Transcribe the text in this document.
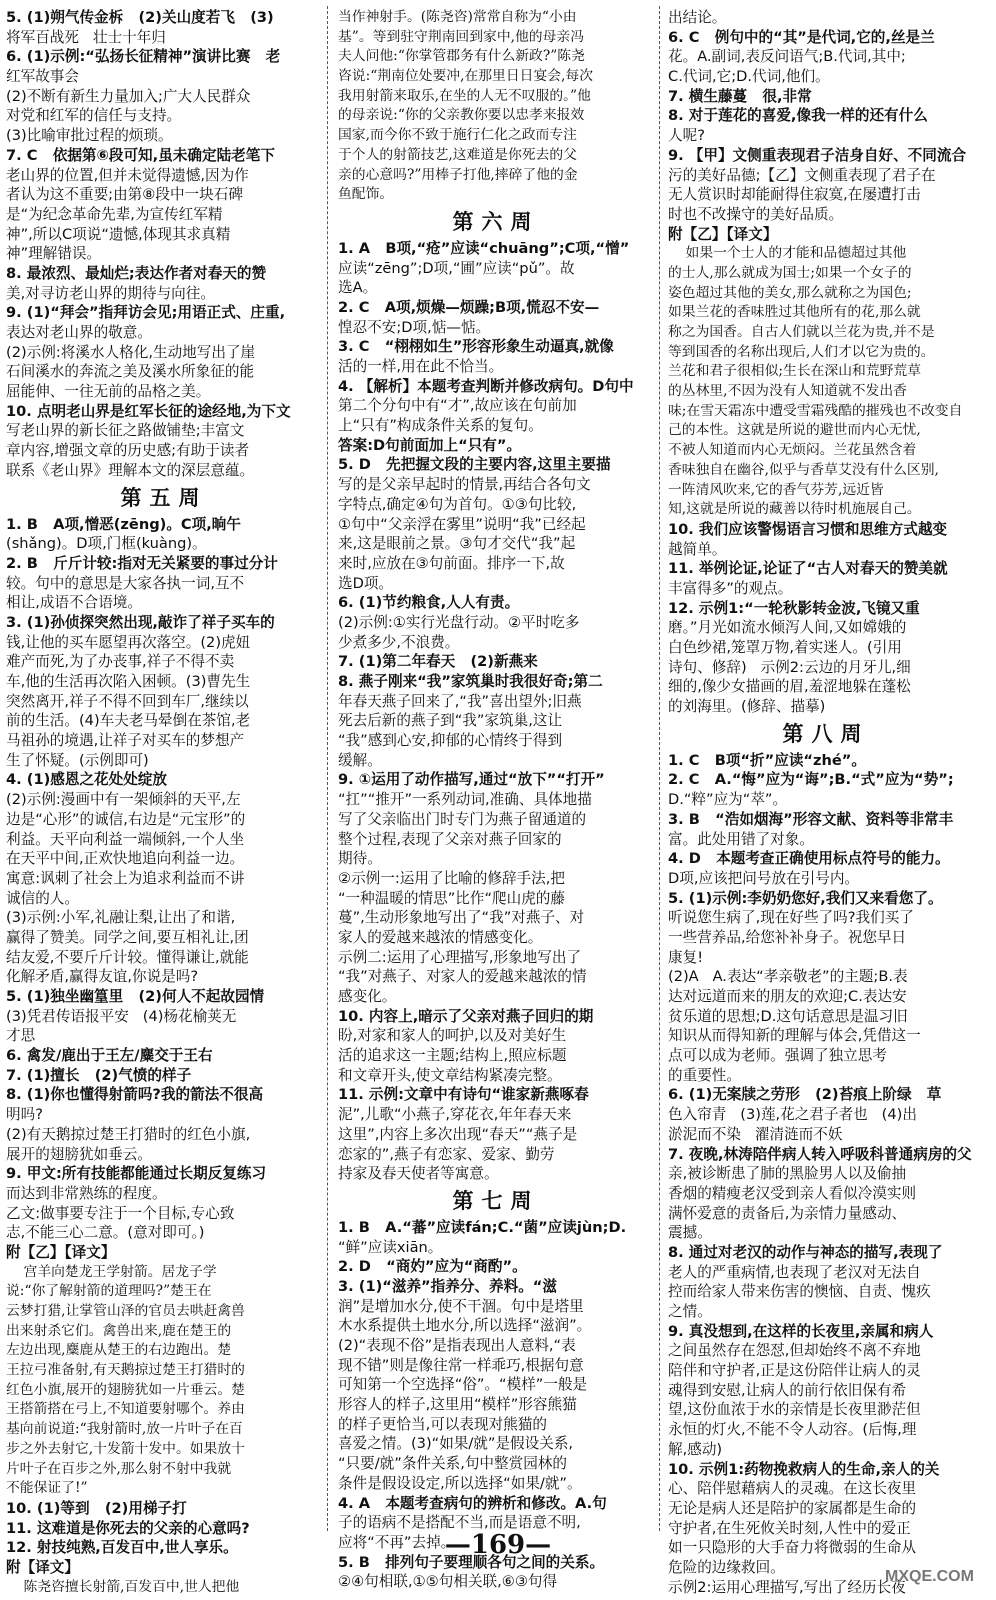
5. (1)朔气传金柝   (2)关山度若飞   (3)
将军百战死   壮士十年归
6. (1)示例:“弘扬长征精神”演讲比赛   老
红军故事会
(2)不断有新生力量加入;广大人民群众
对党和红军的信任与支持。
(3)比喻审批过程的烦琐。
7. C   依据第⑥段可知,虽未确定陆老笔下
老山界的位置,但并未觉得遗憾,因为作
者认为这不重要;由第⑧段中一块石碑
是“为纪念革命先辈,为宣传红军精
神”,所以C项说“遗憾,体现其求真精
神”理解错误。
8. 最浓烈、最灿烂;表达作者对春天的赞
美,对寻访老山界的期待与向往。
9. (1)“拜会”指拜访会见;用语正式、庄重,
表达对老山界的敬意。
(2)示例:将溪水人格化,生动地写出了崖
石间溪水的奔流之美及溪水所象征的能
屈能伸、一往无前的品格之美。
10. 点明老山界是红军长征的途经地,为下文
写老山界的新长征之路做铺垫;丰富文
章内容,增强文章的历史感;有助于读者
联系《老山界》理解本文的深层意蕴。
第五周
1. B   A项,憎恶(zēng)。C项,晌午
(shǎng)。D项,门框(kuàng)。
2. B   斤斤计较:指对无关紧要的事过分计
较。句中的意思是大家各执一词,互不
相让,成语不合语境。
3. (1)孙侦探突然出现,敲诈了祥子买车的
钱,让他的买车愿望再次落空。(2)虎妞
难产而死,为了办丧事,祥子不得不卖
车,他的生活再次陷入困顿。(3)曹先生
突然离开,祥子不得不回到车厂,继续以
前的生活。(4)车夫老马晕倒在茶馆,老
马祖孙的境遇,让祥子对买车的梦想产
生了怀疑。(示例即可)
4. (1)感恩之花处处绽放
(2)示例:漫画中有一架倾斜的天平,左
边是“心形”的诚信,右边是“元宝形”的
利益。天平向利益一端倾斜,一个人坐
在天平中间,正欢快地追向利益一边。
寓意:讽刺了社会上为追求利益而不讲
诚信的人。
(3)示例:小军,礼融让梨,让出了和谐,
赢得了赞美。同学之间,要互相礼让,团
结友爱,不要斤斤计较。懂得谦让,就能
化解矛盾,赢得友谊,你说是吗?
5. (1)独坐幽篁里   (2)何人不起故园情
(3)凭君传语报平安   (4)杨花榆荚无
才思
6. 禽发/鹿出于王左/麋交于王右
7. (1)擅长   (2)气愤的样子
8. (1)你也懂得射箭吗?我的箭法不很高
明吗?
(2)有天鹅掠过楚王打猎时的红色小旗,
展开的翅膀犹如垂云。
9. 甲文:所有技能都能通过长期反复练习
而达到非常熟练的程度。
乙文:做事要专注于一个目标,专心致
志,不能三心二意。(意对即可。)
附【乙】【译文】
宫羊向楚龙王学射箭。居龙子学
说:“你了解射箭的道理吗?”楚王在
云梦打猎,让掌管山泽的官员去哄赶禽兽
出来射杀它们。禽兽出来,鹿在楚王的
左边出现,麋鹿从楚王的右边跑出。楚
王拉弓准备射,有天鹅掠过楚王打猎时的
红色小旗,展开的翅膀犹如一片垂云。楚
王搭箭搭在弓上,不知道要射哪个。养由
基向前说道:“我射箭时,放一片叶子在百
步之外去射它,十发箭十发中。如果放十
片叶子在百步之外,那么射不射中我就
不能保证了!”
10. (1)等到   (2)用梯子打
11. 这难道是你死去的父亲的心意吗?
12. 射技纯熟,百发百中,世人享乐。
附【译文】
陈尧咨擅长射箭,百发百中,世人把他
当作神射手。(陈尧咨)常常自称为“小由
基”。等到驻守荆南回到家中,他的母亲冯
夫人问他:“你掌管郡务有什么新政?”陈尧
咨说:“荆南位处要冲,在那里日日宴会,每次
我用射箭来取乐,在坐的人无不叹服的。”他
的母亲说:“你的父亲教你要以忠孝来报效
国家,而今你不致于施行仁化之政而专注
于个人的射箭技艺,这难道是你死去的父
亲的心意吗?”用棒子打他,摔碎了他的金
鱼配饰。
第六周
1. A   B项,“疮”应读“chuāng”;C项,“憎”
应读“zēng”;D项,“圃”应读“pǔ”。故
选A。
2. C   A项,烦燥—烦躁;B项,慌忍不安—
惶忍不安;D项,惦—惦。
3. C   “栩栩如生”形容形象生动逼真,就像
活的一样,用在此不恰当。
4. 【解析】本题考查判断并修改病句。D句中
第二个分句中有“才”,故应该在句前加
上“只有”构成条件关系的复句。
答案:D句前面加上“只有”。
5. D   先把握文段的主要内容,这里主要描
写的是父亲早起时的情景,再结合各句文
字特点,确定④句为首句。①③句比较,
①句中“父亲浮在雾里”说明“我”已经起
来,这是眼前之景。③句才交代“我”起
来时,应放在③句前面。排序一下,故
选D项。
6. (1)节约粮食,人人有责。
(2)示例:①实行光盘行动。②平时吃多
少煮多少,不浪费。
7. (1)第二年春天   (2)新燕来
8. 燕子刚来“我”家筑巢时我很好奇;第二
年春天燕子回来了,“我”喜出望外;旧燕
死去后新的燕子到“我”家筑巢,这让
“我”感到心安,抑郁的心情终于得到
缓解。
9. ①运用了动作描写,通过“放下”“打开”
“扛”“推开”一系列动词,准确、具体地描
写了父亲临出门时专门为燕子留通道的
整个过程,表现了父亲对燕子回家的
期待。
②示例一:运用了比喻的修辞手法,把
“一种温暖的情思”比作“爬山虎的藤
蔓”,生动形象地写出了“我”对燕子、对
家人的爱越来越浓的情感变化。
示例二:运用了心理描写,形象地写出了
“我”对燕子、对家人的爱越来越浓的情
感变化。
10. 内容上,暗示了父亲对燕子回归的期
盼,对家和家人的呵护,以及对美好生
活的追求这一主题;结构上,照应标题
和文章开头,使文章结构紧凑完整。
11. 示例:文章中有诗句“谁家新燕啄春
泥”,儿歌“小燕子,穿花衣,年年春天来
这里”,内容上多次出现“春天”“燕子是
恋家的”,燕子有恋家、爱家、勤劳
持家及春天使者等寓意。
第七周
1. B   A.“蕃”应读fán;C.“菌”应读jùn;D.
“鲜”应读xiān。
2. D   “商妁”应为“商酌”。
3. (1)“滋养”指养分、养料。“滋
润”是增加水分,使不干涸。句中是塔里
木水系提供土地水分,所以选择“滋润”。
(2)“表现不俗”是指表现出人意料,“表
现不错”则是像往常一样乖巧,根据句意
可知第一个空选择“俗”。“模样”一般是
形容人的样子,这里用“模样”形容熊猫
的样子更恰当,可以表现对熊猫的
喜爱之情。(3)“如果/就”是假设关系,
“只要/就”条件关系,句中整赏园林的
条件是假设设定,所以选择“如果/就”。
4. A   本题考查病句的辨析和修改。A.句
子的语病不是搭配不当,而是语意不明,
应将“不再”去掉。
5. B   排列句子要理顺各句之间的关系。
②④句相联,①⑤句相关联,⑥③句得
出结论。
6. C   例句中的“其”是代词,它的,丝是兰
花。A.副词,表反问语气;B.代词,其中;
C.代词,它;D.代词,他们。
7. 横生藤蔓   很,非常
8. 对于莲花的喜爱,像我一样的还有什么
人呢?
9. 【甲】文侧重表现君子洁身自好、不同流合
污的美好品德;【乙】文侧重表现了君子在
无人赏识时却能耐得住寂寞,在屡遭打击
时也不改操守的美好品质。
附【乙】【译文】
如果一个士人的才能和品德超过其他
的士人,那么就成为国士;如果一个女子的
姿色超过其他的美女,那么就称之为国色;
如果兰花的香味胜过其他所有的花,那么就
称之为国香。自古人们就以兰花为贵,并不是
等到国香的名称出现后,人们才以它为贵的。
兰花和君子很相似;生长在深山和荒野荒草
的丛林里,不因为没有人知道就不发出香
味;在雪天霜冻中遭受雪霜残酷的摧残也不改变自
己的本性。这就是所说的避世而内心无忧,
不被人知道而内心无烦闷。兰花虽然含着
香味独自在幽谷,似乎与香草艾没有什么区别,
一阵清风吹来,它的香气芬芳,远近皆
知,这就是所说的藏善以待时机施展自己。
10. 我们应该警惕语言习惯和思维方式越变
越简单。
11. 举例论证,论证了“古人对春天的赞美就
丰富得多”的观点。
12. 示例1:“一轮秋影转金波,飞镜又重
磨。”月光如流水倾泻人间,又如嫦娥的
白色纱裙,笼罩万物,着实迷人。(引用
诗句、修辞)   示例2:云边的月牙儿,细
细的,像少女描画的眉,羞涩地躲在蓬松
的刘海里。(修辞、描摹)
第八周
1. C   B项“折”应读“zhé”。
2. C   A.“悔”应为“诲”;B.“式”应为“势”;
D.“粹”应为“萃”。
3. B   “浩如烟海”形容文献、资料等非常丰
富。此处用错了对象。
4. D   本题考查正确使用标点符号的能力。
D项,应该把问号放在引号内。
5. (1)示例:李奶奶您好,我们又来看您了。
听说您生病了,现在好些了吗?我们买了
一些营养品,给您补补身子。祝您早日
康复!
(2)A   A.表达“孝亲敬老”的主题;B.表
达对远道而来的朋友的欢迎;C.表达安
贫乐道的思想;D.这句话意思是温习旧
知识从而得知新的理解与体会,凭借这一
点可以成为老师。强调了独立思考
的重要性。
6. (1)无案牍之劳形   (2)苔痕上阶绿   草
色入帘青   (3)莲,花之君子者也   (4)出
淤泥而不染   濯清涟而不妖
7. 夜晚,林涛陪伴病人转入呼吸科普通病房的父
亲,被诊断患了肺的黑脸男人以及偷抽
香烟的精瘦老汉受到亲人看似冷漠实则
满怀爱意的责备后,为亲情力量感动、
震撼。
8. 通过对老汉的动作与神态的描写,表现了
老人的严重病情,也表现了老汉对无法自
控而给家人带来伤害的懊恼、自责、愧疚
之情。
9. 真没想到,在这样的长夜里,亲属和病人
之间虽然存在怨怼,但却始终不离不弃地
陪伴和守护者,正是这份陪伴让病人的灵
魂得到安慰,让病人的前行依旧保有希
望,这份血浓于水的亲情是长夜里渺茫但
永恒的灯火,不能不令人动容。(后悔,理
解,感动)
10. 示例1:药物挽救病人的生命,亲人的关
心、陪伴慰藉病人的灵魂。在这长夜里
无论是病人还是陪护的家属都是生命的
守护者,在生死攸关时刻,人性中的爱正
如一只隐形的大手奋力将微弱的生命从
危险的边缘救回。
示例2:运用心理描写,写出了经历长夜
—169—
MXQE.COM
